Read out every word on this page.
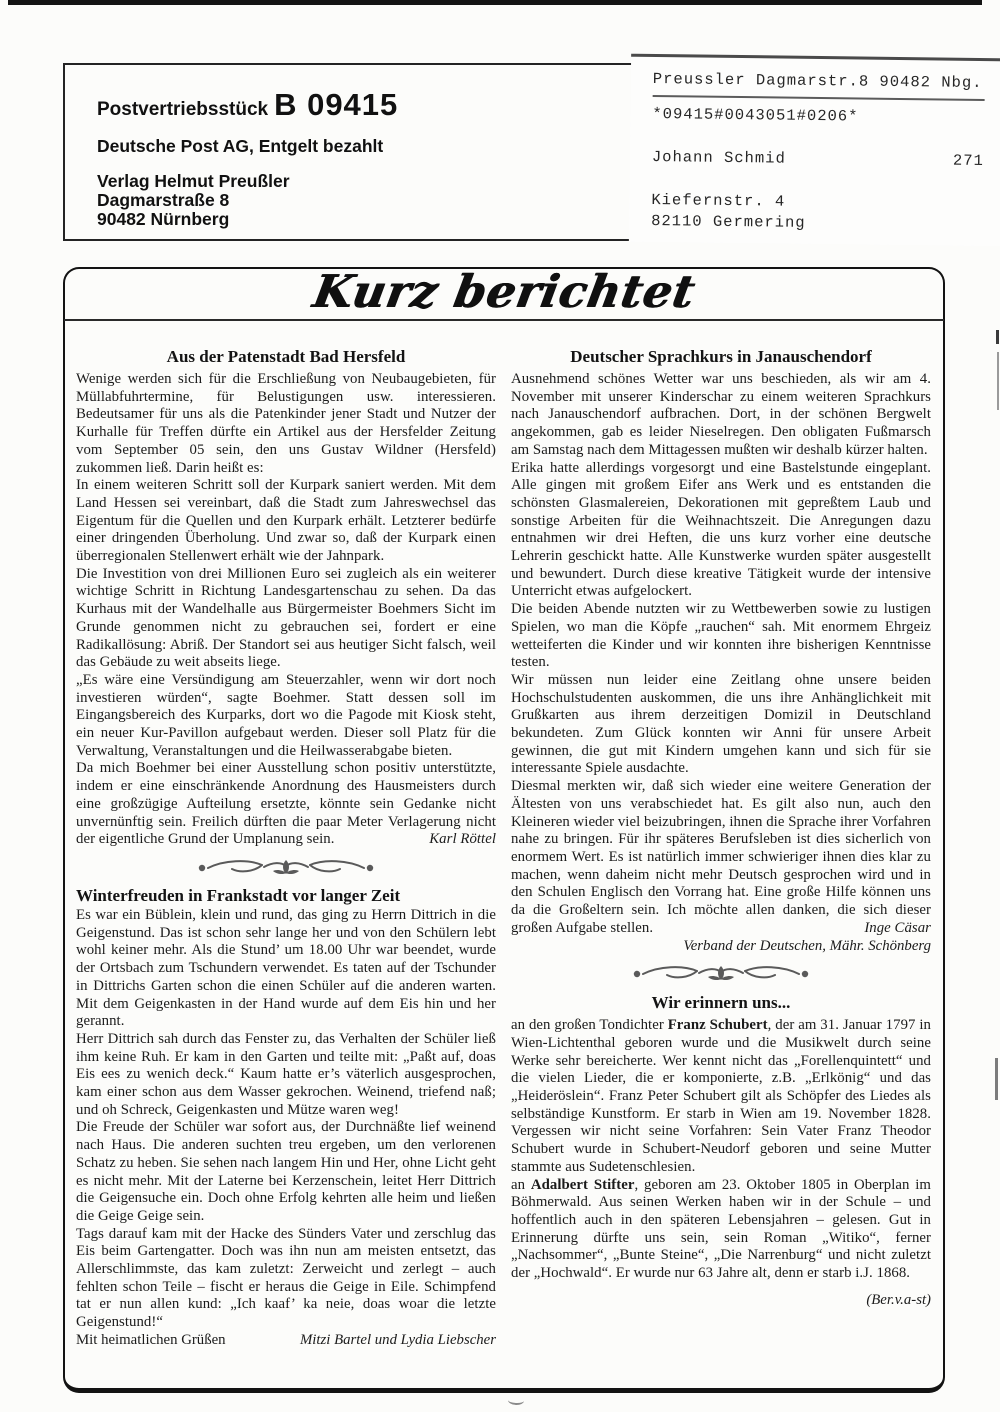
Postvertriebsstück B 09415
Deutsche Post AG, Entgelt bezahlt
Verlag Helmut Preußler
Dagmarstraße 8
90482 Nürnberg
Preussler Dagmarstr.8 90482 Nbg.
*09415#0043051#0206*
Johann Schmid	271
Kiefernstr. 4
82110 Germering
Kurz berichtet
Aus der Patenstadt Bad Hersfeld

Wenige werden sich für die Erschließung von Neubaugebieten, für Müllabfuhrtermine, für Belustigungen usw. interessieren. Bedeutsamer für uns als die Patenkinder jener Stadt und Nutzer der Kurhalle für Treffen dürfte ein Artikel aus der Hersfelder Zeitung vom September 05 sein, den uns Gustav Wildner (Hersfeld) zukommen ließ. Darin heißt es:

In einem weiteren Schritt soll der Kurpark saniert werden. Mit dem Land Hessen sei vereinbart, daß die Stadt zum Jahreswechsel das Eigentum für die Quellen und den Kurpark erhält. Letzterer bedürfe einer dringenden Überholung. Und zwar so, daß der Kurpark einen überregionalen Stellenwert erhält wie der Jahnpark.

Die Investition von drei Millionen Euro sei zugleich als ein weiterer wichtige Schritt in Richtung Landesgartenschau zu sehen. Da das Kurhaus mit der Wandelhalle aus Bürgermeister Boehmers Sicht im Grunde genommen nicht zu gebrauchen sei, fordert er eine Radikallösung: Abriß. Der Standort sei aus heutiger Sicht falsch, weil das Gebäude zu weit abseits liege.

„Es wäre eine Versündigung am Steuerzahler, wenn wir dort noch investieren würden“, sagte Boehmer. Statt dessen soll im Eingangsbereich des Kurparks, dort wo die Pagode mit Kiosk steht, ein neuer Kur-Pavillon aufgebaut werden. Dieser soll Platz für die Verwaltung, Veranstaltungen und die Heilwasserabgabe bieten.

Da mich Boehmer bei einer Ausstellung schon positiv unterstützte, indem er eine einschränkende Anordnung des Hausmeisters durch eine großzügige Aufteilung ersetzte, könnte sein Gedanke nicht unvernünftig sein. Freilich dürften die paar Meter Verlagerung nicht der eigentliche Grund der Umplanung sein.	Karl Röttel

Winterfreuden in Frankstadt vor langer Zeit

Es war ein Büblein, klein und rund, das ging zu Herrn Dittrich in die Geigenstund. Das ist schon sehr lange her und von den Schülern lebt wohl keiner mehr. Als die Stund’ um 18.00 Uhr war beendet, wurde der Ortsbach zum Tschundern verwendet. Es taten auf der Tschunder in Dittrichs Garten schon die einen Schüler auf die anderen warten. Mit dem Geigenkasten in der Hand wurde auf dem Eis hin und her gerannt.

Herr Dittrich sah durch das Fenster zu, das Verhalten der Schüler ließ ihm keine Ruh. Er kam in den Garten und teilte mit: „Paßt auf, doas Eis ees zu wenich deck.“ Kaum hatte er’s väterlich ausgesprochen, kam einer schon aus dem Wasser gekrochen. Weinend, triefend naß; und oh Schreck, Geigenkasten und Mütze waren weg!

Die Freude der Schüler war sofort aus, der Durchnäßte lief weinend nach Haus. Die anderen suchten treu ergeben, um den verlorenen Schatz zu heben. Sie sehen nach langem Hin und Her, ohne Licht geht es nicht mehr. Mit der Laterne bei Kerzenschein, leitet Herr Dittrich die Geigensuche ein. Doch ohne Erfolg kehrten alle heim und ließen die Geige Geige sein.

Tags darauf kam mit der Hacke des Sünders Vater und zerschlug das Eis beim Gartengatter. Doch was ihn nun am meisten entsetzt, das Allerschlimmste, das kam zuletzt: Zerweicht und zerlegt – auch fehlten schon Teile – fischt er heraus die Geige in Eile. Schimpfend tat er nun allen kund: „Ich kaaf’ ka neie, doas woar die letzte Geigenstund!“

Mit heimatlichen Grüßen	Mitzi Bartel und Lydia Liebscher
Deutscher Sprachkurs in Janauschendorf

Ausnehmend schönes Wetter war uns beschieden, als wir am 4. November mit unserer Kinderschar zu einem weiteren Sprachkurs nach Janauschendorf aufbrachen. Dort, in der schönen Bergwelt angekommen, gab es leider Nieselregen. Den obligaten Fußmarsch am Samstag nach dem Mittagessen mußten wir deshalb kürzer halten.

Erika hatte allerdings vorgesorgt und eine Bastelstunde eingeplant. Alle gingen mit großem Eifer ans Werk und es entstanden die schönsten Glasmalereien, Dekorationen mit gepreßtem Laub und sonstige Arbeiten für die Weihnachtszeit. Die Anregungen dazu entnahmen wir drei Heften, die uns kurz vorher eine deutsche Lehrerin geschickt hatte. Alle Kunstwerke wurden später ausgestellt und bewundert. Durch diese kreative Tätigkeit wurde der intensive Unterricht etwas aufgelockert.

Die beiden Abende nutzten wir zu Wettbewerben sowie zu lustigen Spielen, wo man die Köpfe „rauchen“ sah. Mit enormem Ehrgeiz wetteiferten die Kinder und wir konnten ihre bisherigen Kenntnisse testen.

Wir müssen nun leider eine Zeitlang ohne unsere beiden Hochschulstudenten auskommen, die uns ihre Anhänglichkeit mit Grußkarten aus ihrem derzeitigen Domizil in Deutschland bekundeten. Zum Glück konnten wir Anni für unsere Arbeit gewinnen, die gut mit Kindern umgehen kann und sich für sie interessante Spiele ausdachte.

Diesmal merkten wir, daß sich wieder eine weitere Generation der Ältesten von uns verabschiedet hat. Es gilt also nun, auch den Kleineren wieder viel beizubringen, ihnen die Sprache ihrer Vorfahren nahe zu bringen. Für ihr späteres Berufsleben ist dies sicherlich von enormem Wert. Es ist natürlich immer schwieriger ihnen dies klar zu machen, wenn daheim nicht mehr Deutsch gesprochen wird und in den Schulen Englisch den Vorrang hat. Eine große Hilfe können uns da die Großeltern sein. Ich möchte allen danken, die sich dieser großen Aufgabe stellen.	Inge Cäsar

Verband der Deutschen, Mähr. Schönberg
Wir erinnern uns...

an den großen Tondichter Franz Schubert, der am 31. Januar 1797 in Wien-Lichtenthal geboren wurde und die Musikwelt durch seine Werke sehr bereicherte. Wer kennt nicht das „Forellenquintett“ und die vielen Lieder, die er komponierte, z.B. „Erlkönig“ und das „Heideröslein“. Franz Peter Schubert gilt als Schöpfer des Liedes als selbständige Kunstform. Er starb in Wien am 19. November 1828. Vergessen wir nicht seine Vorfahren: Sein Vater Franz Theodor Schubert wurde in Schubert-Neudorf geboren und seine Mutter stammte aus Sudetenschlesien.

an Adalbert Stifter, geboren am 23. Oktober 1805 in Oberplan im Böhmerwald. Aus seinen Werken haben wir in der Schule – und hoffentlich auch in den späteren Lebensjahren – gelesen. Gut in Erinnerung dürfte uns sein, sein Roman „Witiko“, ferner „Nachsommer“, „Bunte Steine“, „Die Narrenburg“ und nicht zuletzt der „Hochwald“. Er wurde nur 63 Jahre alt, denn er starb i.J. 1868.

(Ber.v.a-st)
